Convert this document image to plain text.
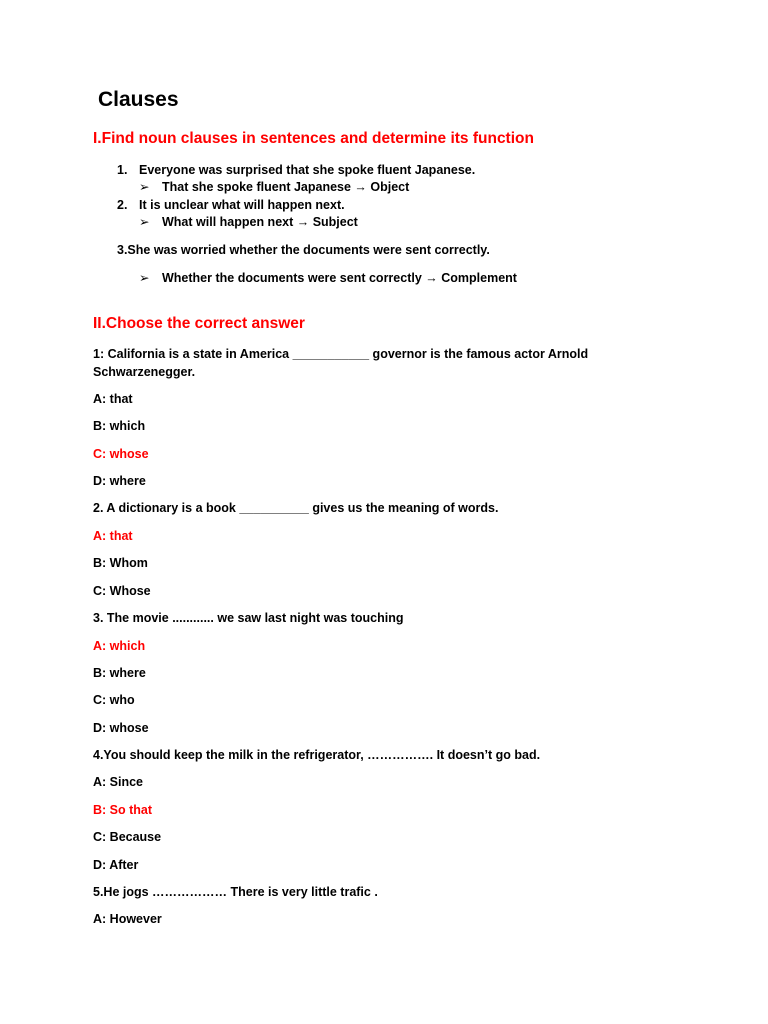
Clauses
I.Find noun clauses in sentences and determine its function
1. Everyone was surprised that she spoke fluent Japanese.
➢ That she spoke fluent Japanese → Object
2. It is unclear what will happen next.
➢ What will happen next → Subject
3.She was worried whether the documents were sent correctly.
➢ Whether the documents were sent correctly → Complement
II.Choose the correct answer
1: California is a state in America ___________ governor is the famous actor Arnold
Schwarzenegger.
A: that
B: which
C: whose
D: where
2. A dictionary is a book __________ gives us the meaning of words.
A: that
B: Whom
C: Whose
3. The movie ............ we saw last night was touching
A: which
B: where
C: who
D: whose
4.You should keep the milk in the refrigerator, ……………. It doesn’t go bad.
A: Since
B: So that
C: Because
D: After
5.He jogs ……………… There is very little trafic .
A: However
